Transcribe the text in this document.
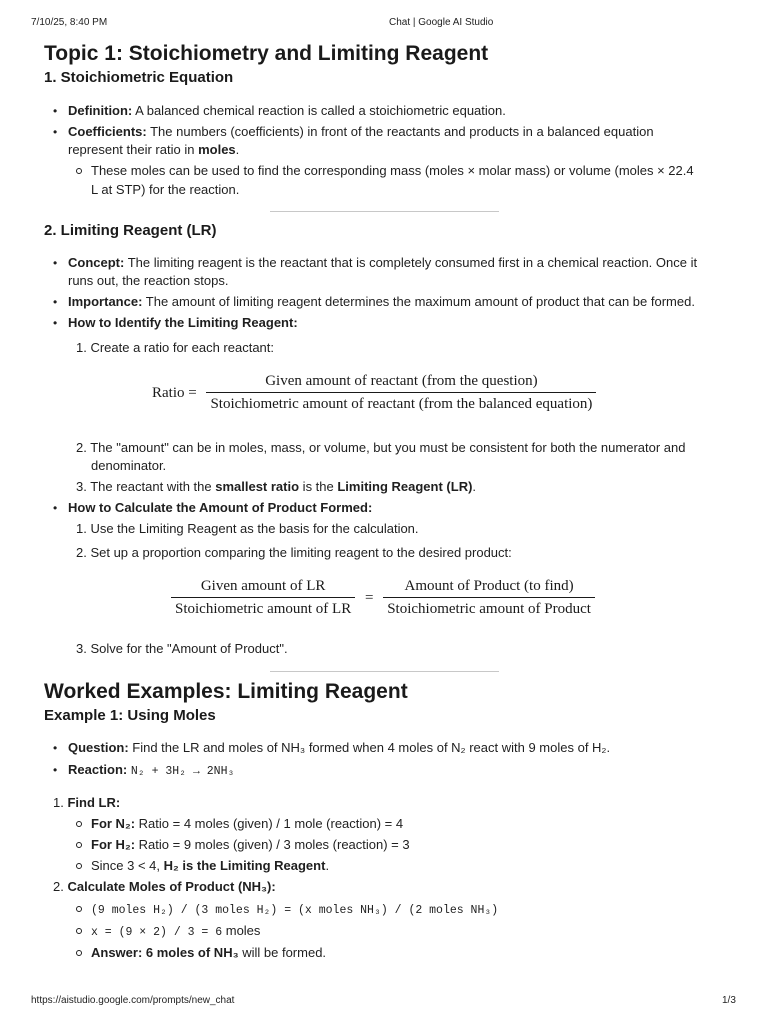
7/10/25, 8:40 PM	Chat | Google AI Studio
Topic 1: Stoichiometry and Limiting Reagent
1. Stoichiometric Equation
• Definition: A balanced chemical reaction is called a stoichiometric equation.
• Coefficients: The numbers (coefficients) in front of the reactants and products in a balanced equation
represent their ratio in moles.
These moles can be used to find the corresponding mass (moles × molar mass) or volume (moles × 22.4
L at STP) for the reaction.
2. Limiting Reagent (LR)
• Concept: The limiting reagent is the reactant that is completely consumed first in a chemical reaction. Once it
runs out, the reaction stops.
• Importance: The amount of limiting reagent determines the maximum amount of product that can be formed.
• How to Identify the Limiting Reagent:
1. Create a ratio for each reactant:
Ratio =
Given amount of reactant (from the question)
Stoichiometric amount of reactant (from the balanced equation)
2. The "amount" can be in moles, mass, or volume, but you must be consistent for both the numerator and
denominator.
3. The reactant with the smallest ratio is the Limiting Reagent (LR).
• How to Calculate the Amount of Product Formed:
1. Use the Limiting Reagent as the basis for the calculation.
2. Set up a proportion comparing the limiting reagent to the desired product:
$\frac{\text{Given amount of LR}}{\text{Stoichiometric amount of LR}} = \frac{\text{Amount of Product (to find)}}{\text{Stoichiometric amount of Product}}$
3. Solve for the "Amount of Product".
Worked Examples: Limiting Reagent
Example 1: Using Moles
• Question: Find the LR and moles of NH₃ formed when 4 moles of N₂ react with 9 moles of H₂.
• Reaction: N₂ + 3H₂ → 2NH₃
1. Find LR:
For N₂: Ratio = 4 moles (given) / 1 mole (reaction) = 4
For H₂: Ratio = 9 moles (given) / 3 moles (reaction) = 3
Since 3 < 4, H₂ is the Limiting Reagent.
2. Calculate Moles of Product (NH₃):
(9 moles H₂) / (3 moles H₂) = (x moles NH₃) / (2 moles NH₃)
x = (9 × 2) / 3 = 6 moles
Answer: 6 moles of NH₃ will be formed.
https://aistudio.google.com/prompts/new_chat	1/3
